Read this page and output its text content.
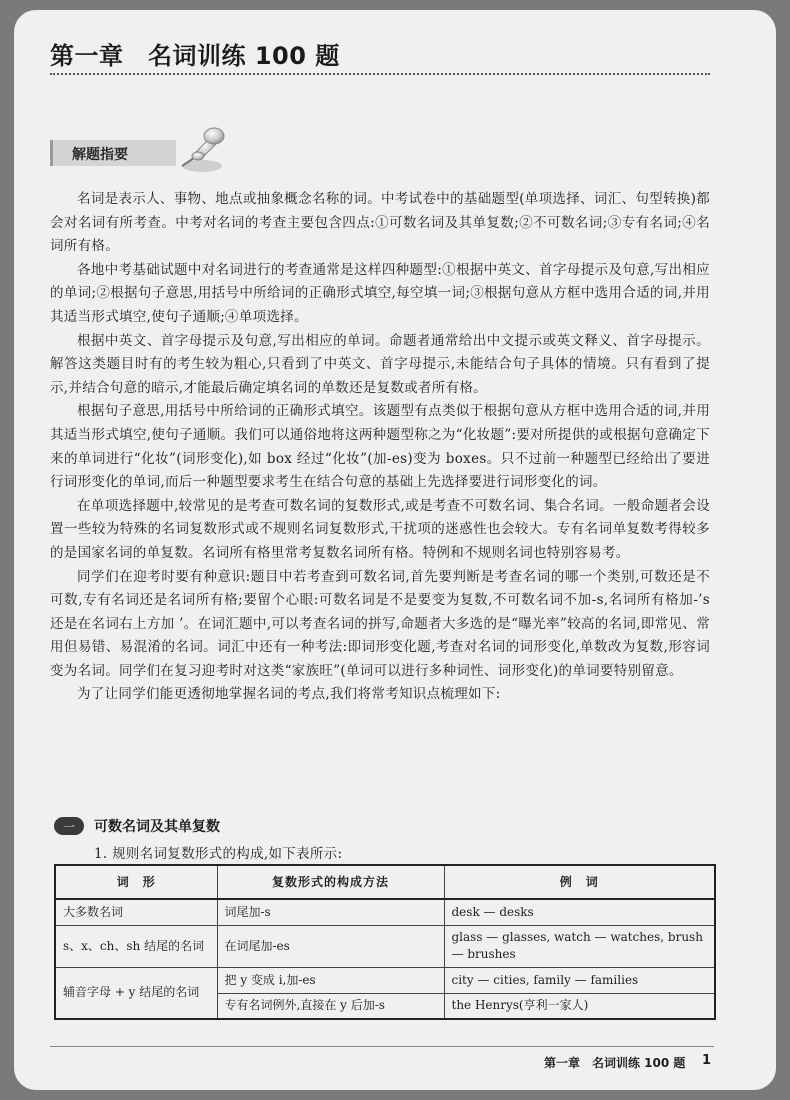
第一章　名词训练 100 题
解题指要

名词是表示人、事物、地点或抽象概念名称的词。中考试卷中的基础题型(单项选择、词汇、句型转换)都会对名词有所考查。中考对名词的考查主要包含四点:①可数名词及其单复数;②不可数名词;③专有名词;④名词所有格。

各地中考基础试题中对名词进行的考查通常是这样四种题型:①根据中英文、首字母提示及句意,写出相应的单词;②根据句子意思,用括号中所给词的正确形式填空,每空填一词;③根据句意从方框中选用合适的词,并用其适当形式填空,使句子通顺;④单项选择。

根据中英文、首字母提示及句意,写出相应的单词。命题者通常给出中文提示或英文释义、首字母提示。解答这类题目时有的考生较为粗心,只看到了中英文、首字母提示,未能结合句子具体的情境。只有看到了提示,并结合句意的暗示,才能最后确定填名词的单数还是复数或者所有格。

根据句子意思,用括号中所给词的正确形式填空。该题型有点类似于根据句意从方框中选用合适的词,并用其适当形式填空,使句子通顺。我们可以通俗地将这两种题型称之为“化妆题”:要对所提供的或根据句意确定下来的单词进行“化妆”(词形变化),如 box 经过“化妆”(加-es)变为 boxes。只不过前一种题型已经给出了要进行词形变化的单词,而后一种题型要求考生在结合句意的基础上先选择要进行词形变化的词。

在单项选择题中,较常见的是考查可数名词的复数形式,或是考查不可数名词、集合名词。一般命题者会设置一些较为特殊的名词复数形式或不规则名词复数形式,干扰项的迷惑性也会较大。专有名词单复数考得较多的是国家名词的单复数。名词所有格里常考复数名词所有格。特例和不规则名词也特别容易考。

同学们在迎考时要有种意识:题目中若考查到可数名词,首先要判断是考查名词的哪一个类别,可数还是不可数,专有名词还是名词所有格;要留个心眼:可数名词是不是要变为复数,不可数名词不加-s,名词所有格加-’s 还是在名词右上方加 ’。在词汇题中,可以考查名词的拼写,命题者大多选的是“曝光率”较高的名词,即常见、常用但易错、易混淆的名词。词汇中还有一种考法:即词形变化题,考查对名词的词形变化,单数改为复数,形容词变为名词。同学们在复习迎考时对这类“家族旺”(单词可以进行多种词性、词形变化)的单词要特别留意。

为了让同学们能更透彻地掌握名词的考点,我们将常考知识点梳理如下:

一	可数名词及其单复数
1. 规则名词复数形式的构成,如下表所示:
词　形	复数形式的构成方法	例　词
大多数名词	词尾加-s	desk — desks
s、x、ch、sh 结尾的名词	在词尾加-es	glass — glasses, watch — watches, brush — brushes
辅音字母 + y 结尾的名词	把 y 变成 i,加-es	city — cities, family — families
	专有名词例外,直接在 y 后加-s	the Henrys(亨利一家人)
第一章　名词训练 100 题 1
